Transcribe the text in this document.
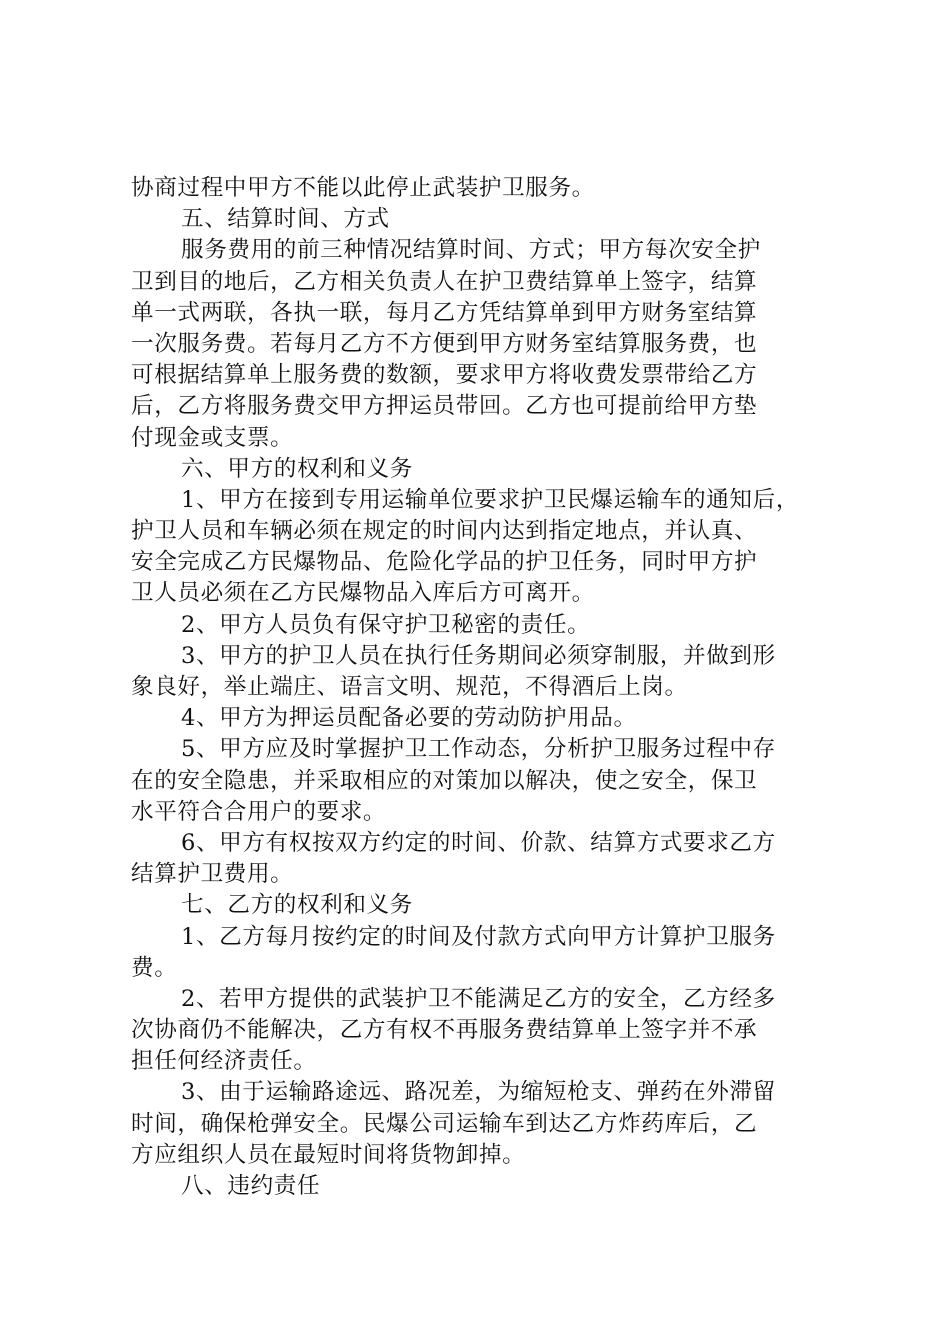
协商过程中甲方不能以此停止武装护卫服务。
五、结算时间、方式
服务费用的前三种情况结算时间、方式；甲方每次安全护
卫到目的地后，乙方相关负责人在护卫费结算单上签字，结算
单一式两联，各执一联，每月乙方凭结算单到甲方财务室结算
一次服务费。若每月乙方不方便到甲方财务室结算服务费，也
可根据结算单上服务费的数额，要求甲方将收费发票带给乙方
后，乙方将服务费交甲方押运员带回。乙方也可提前给甲方垫
付现金或支票。
六、甲方的权利和义务
1、甲方在接到专用运输单位要求护卫民爆运输车的通知后，
护卫人员和车辆必须在规定的时间内达到指定地点，并认真、
安全完成乙方民爆物品、危险化学品的护卫任务，同时甲方护
卫人员必须在乙方民爆物品入库后方可离开。
2、甲方人员负有保守护卫秘密的责任。
3、甲方的护卫人员在执行任务期间必须穿制服，并做到形
象良好，举止端庄、语言文明、规范，不得酒后上岗。
4、甲方为押运员配备必要的劳动防护用品。
5、甲方应及时掌握护卫工作动态，分析护卫服务过程中存
在的安全隐患，并采取相应的对策加以解决，使之安全，保卫
水平符合合用户的要求。
6、甲方有权按双方约定的时间、价款、结算方式要求乙方
结算护卫费用。
七、乙方的权利和义务
1、乙方每月按约定的时间及付款方式向甲方计算护卫服务
费。
2、若甲方提供的武装护卫不能满足乙方的安全，乙方经多
次协商仍不能解决，乙方有权不再服务费结算单上签字并不承
担任何经济责任。
3、由于运输路途远、路况差，为缩短枪支、弹药在外滞留
时间，确保枪弹安全。民爆公司运输车到达乙方炸药库后，乙
方应组织人员在最短时间将货物卸掉。
八、违约责任
